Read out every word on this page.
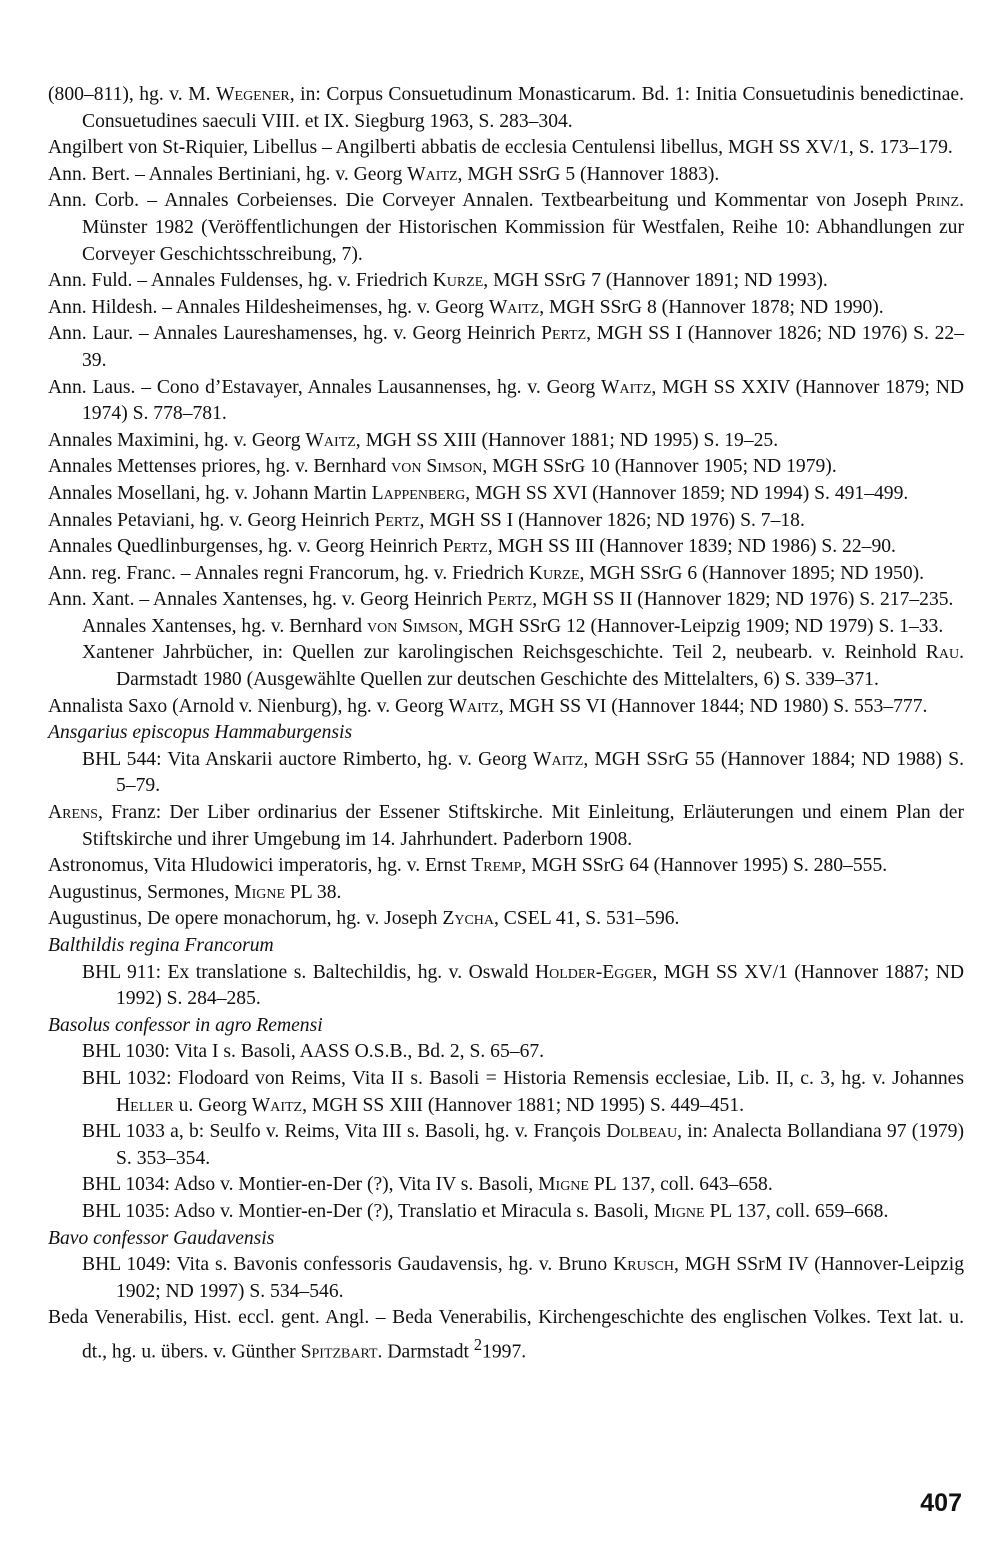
(800–811), hg. v. M. Wegener, in: Corpus Consuetudinum Monasticarum. Bd. 1: Initia Consuetudinis benedictinae. Consuetudines saeculi VIII. et IX. Siegburg 1963, S. 283–304.

Angilbert von St-Riquier, Libellus – Angilberti abbatis de ecclesia Centulensi libellus, MGH SS XV/1, S. 173–179.

Ann. Bert. – Annales Bertiniani, hg. v. Georg Waitz, MGH SSrG 5 (Hannover 1883).

Ann. Corb. – Annales Corbeienses. Die Corveyer Annalen. Textbearbeitung und Kommentar von Joseph Prinz. Münster 1982 (Veröffentlichungen der Historischen Kommission für Westfalen, Reihe 10: Abhandlungen zur Corveyer Geschichtsschreibung, 7).

Ann. Fuld. – Annales Fuldenses, hg. v. Friedrich Kurze, MGH SSrG 7 (Hannover 1891; ND 1993).

Ann. Hildesh. – Annales Hildesheimenses, hg. v. Georg Waitz, MGH SSrG 8 (Hannover 1878; ND 1990).

Ann. Laur. – Annales Laureshamenses, hg. v. Georg Heinrich Pertz, MGH SS I (Hannover 1826; ND 1976) S. 22–39.

Ann. Laus. – Cono d’Estavayer, Annales Lausannenses, hg. v. Georg Waitz, MGH SS XXIV (Hannover 1879; ND 1974) S. 778–781.

Annales Maximini, hg. v. Georg Waitz, MGH SS XIII (Hannover 1881; ND 1995) S. 19–25.

Annales Mettenses priores, hg. v. Bernhard von Simson, MGH SSrG 10 (Hannover 1905; ND 1979).

Annales Mosellani, hg. v. Johann Martin Lappenberg, MGH SS XVI (Hannover 1859; ND 1994) S. 491–499.

Annales Petaviani, hg. v. Georg Heinrich Pertz, MGH SS I (Hannover 1826; ND 1976) S. 7–18.

Annales Quedlinburgenses, hg. v. Georg Heinrich Pertz, MGH SS III (Hannover 1839; ND 1986) S. 22–90.

Ann. reg. Franc. – Annales regni Francorum, hg. v. Friedrich Kurze, MGH SSrG 6 (Hannover 1895; ND 1950).

Ann. Xant. – Annales Xantenses, hg. v. Georg Heinrich Pertz, MGH SS II (Hannover 1829; ND 1976) S. 217–235.

Annales Xantenses, hg. v. Bernhard von Simson, MGH SSrG 12 (Hannover-Leipzig 1909; ND 1979) S. 1–33.

Xantener Jahrbücher, in: Quellen zur karolingischen Reichsgeschichte. Teil 2, neubearb. v. Reinhold Rau. Darmstadt 1980 (Ausgewählte Quellen zur deutschen Geschichte des Mittelalters, 6) S. 339–371.

Annalista Saxo (Arnold v. Nienburg), hg. v. Georg Waitz, MGH SS VI (Hannover 1844; ND 1980) S. 553–777.

Ansgarius episcopus Hammaburgensis

BHL 544: Vita Anskarii auctore Rimberto, hg. v. Georg Waitz, MGH SSrG 55 (Hannover 1884; ND 1988) S. 5–79.

Arens, Franz: Der Liber ordinarius der Essener Stiftskirche. Mit Einleitung, Erläuterungen und einem Plan der Stiftskirche und ihrer Umgebung im 14. Jahrhundert. Paderborn 1908.

Astronomus, Vita Hludowici imperatoris, hg. v. Ernst Tremp, MGH SSrG 64 (Hannover 1995) S. 280–555.

Augustinus, Sermones, Migne PL 38.

Augustinus, De opere monachorum, hg. v. Joseph Zycha, CSEL 41, S. 531–596.

Balthildis regina Francorum

BHL 911: Ex translatione s. Baltechildis, hg. v. Oswald Holder-Egger, MGH SS XV/1 (Hannover 1887; ND 1992) S. 284–285.

Basolus confessor in agro Remensi

BHL 1030: Vita I s. Basoli, AASS O.S.B., Bd. 2, S. 65–67.

BHL 1032: Flodoard von Reims, Vita II s. Basoli = Historia Remensis ecclesiae, Lib. II, c. 3, hg. v. Johannes Heller u. Georg Waitz, MGH SS XIII (Hannover 1881; ND 1995) S. 449–451.

BHL 1033 a, b: Seulfo v. Reims, Vita III s. Basoli, hg. v. François Dolbeau, in: Analecta Bollandiana 97 (1979) S. 353–354.

BHL 1034: Adso v. Montier-en-Der (?), Vita IV s. Basoli, Migne PL 137, coll. 643–658.

BHL 1035: Adso v. Montier-en-Der (?), Translatio et Miracula s. Basoli, Migne PL 137, coll. 659–668.

Bavo confessor Gaudavensis

BHL 1049: Vita s. Bavonis confessoris Gaudavensis, hg. v. Bruno Krusch, MGH SSrM IV (Hannover-Leipzig 1902; ND 1997) S. 534–546.

Beda Venerabilis, Hist. eccl. gent. Angl. – Beda Venerabilis, Kirchengeschichte des englischen Volkes. Text lat. u. dt., hg. u. übers. v. Günther Spitzbart. Darmstadt $^2$1997.

407
